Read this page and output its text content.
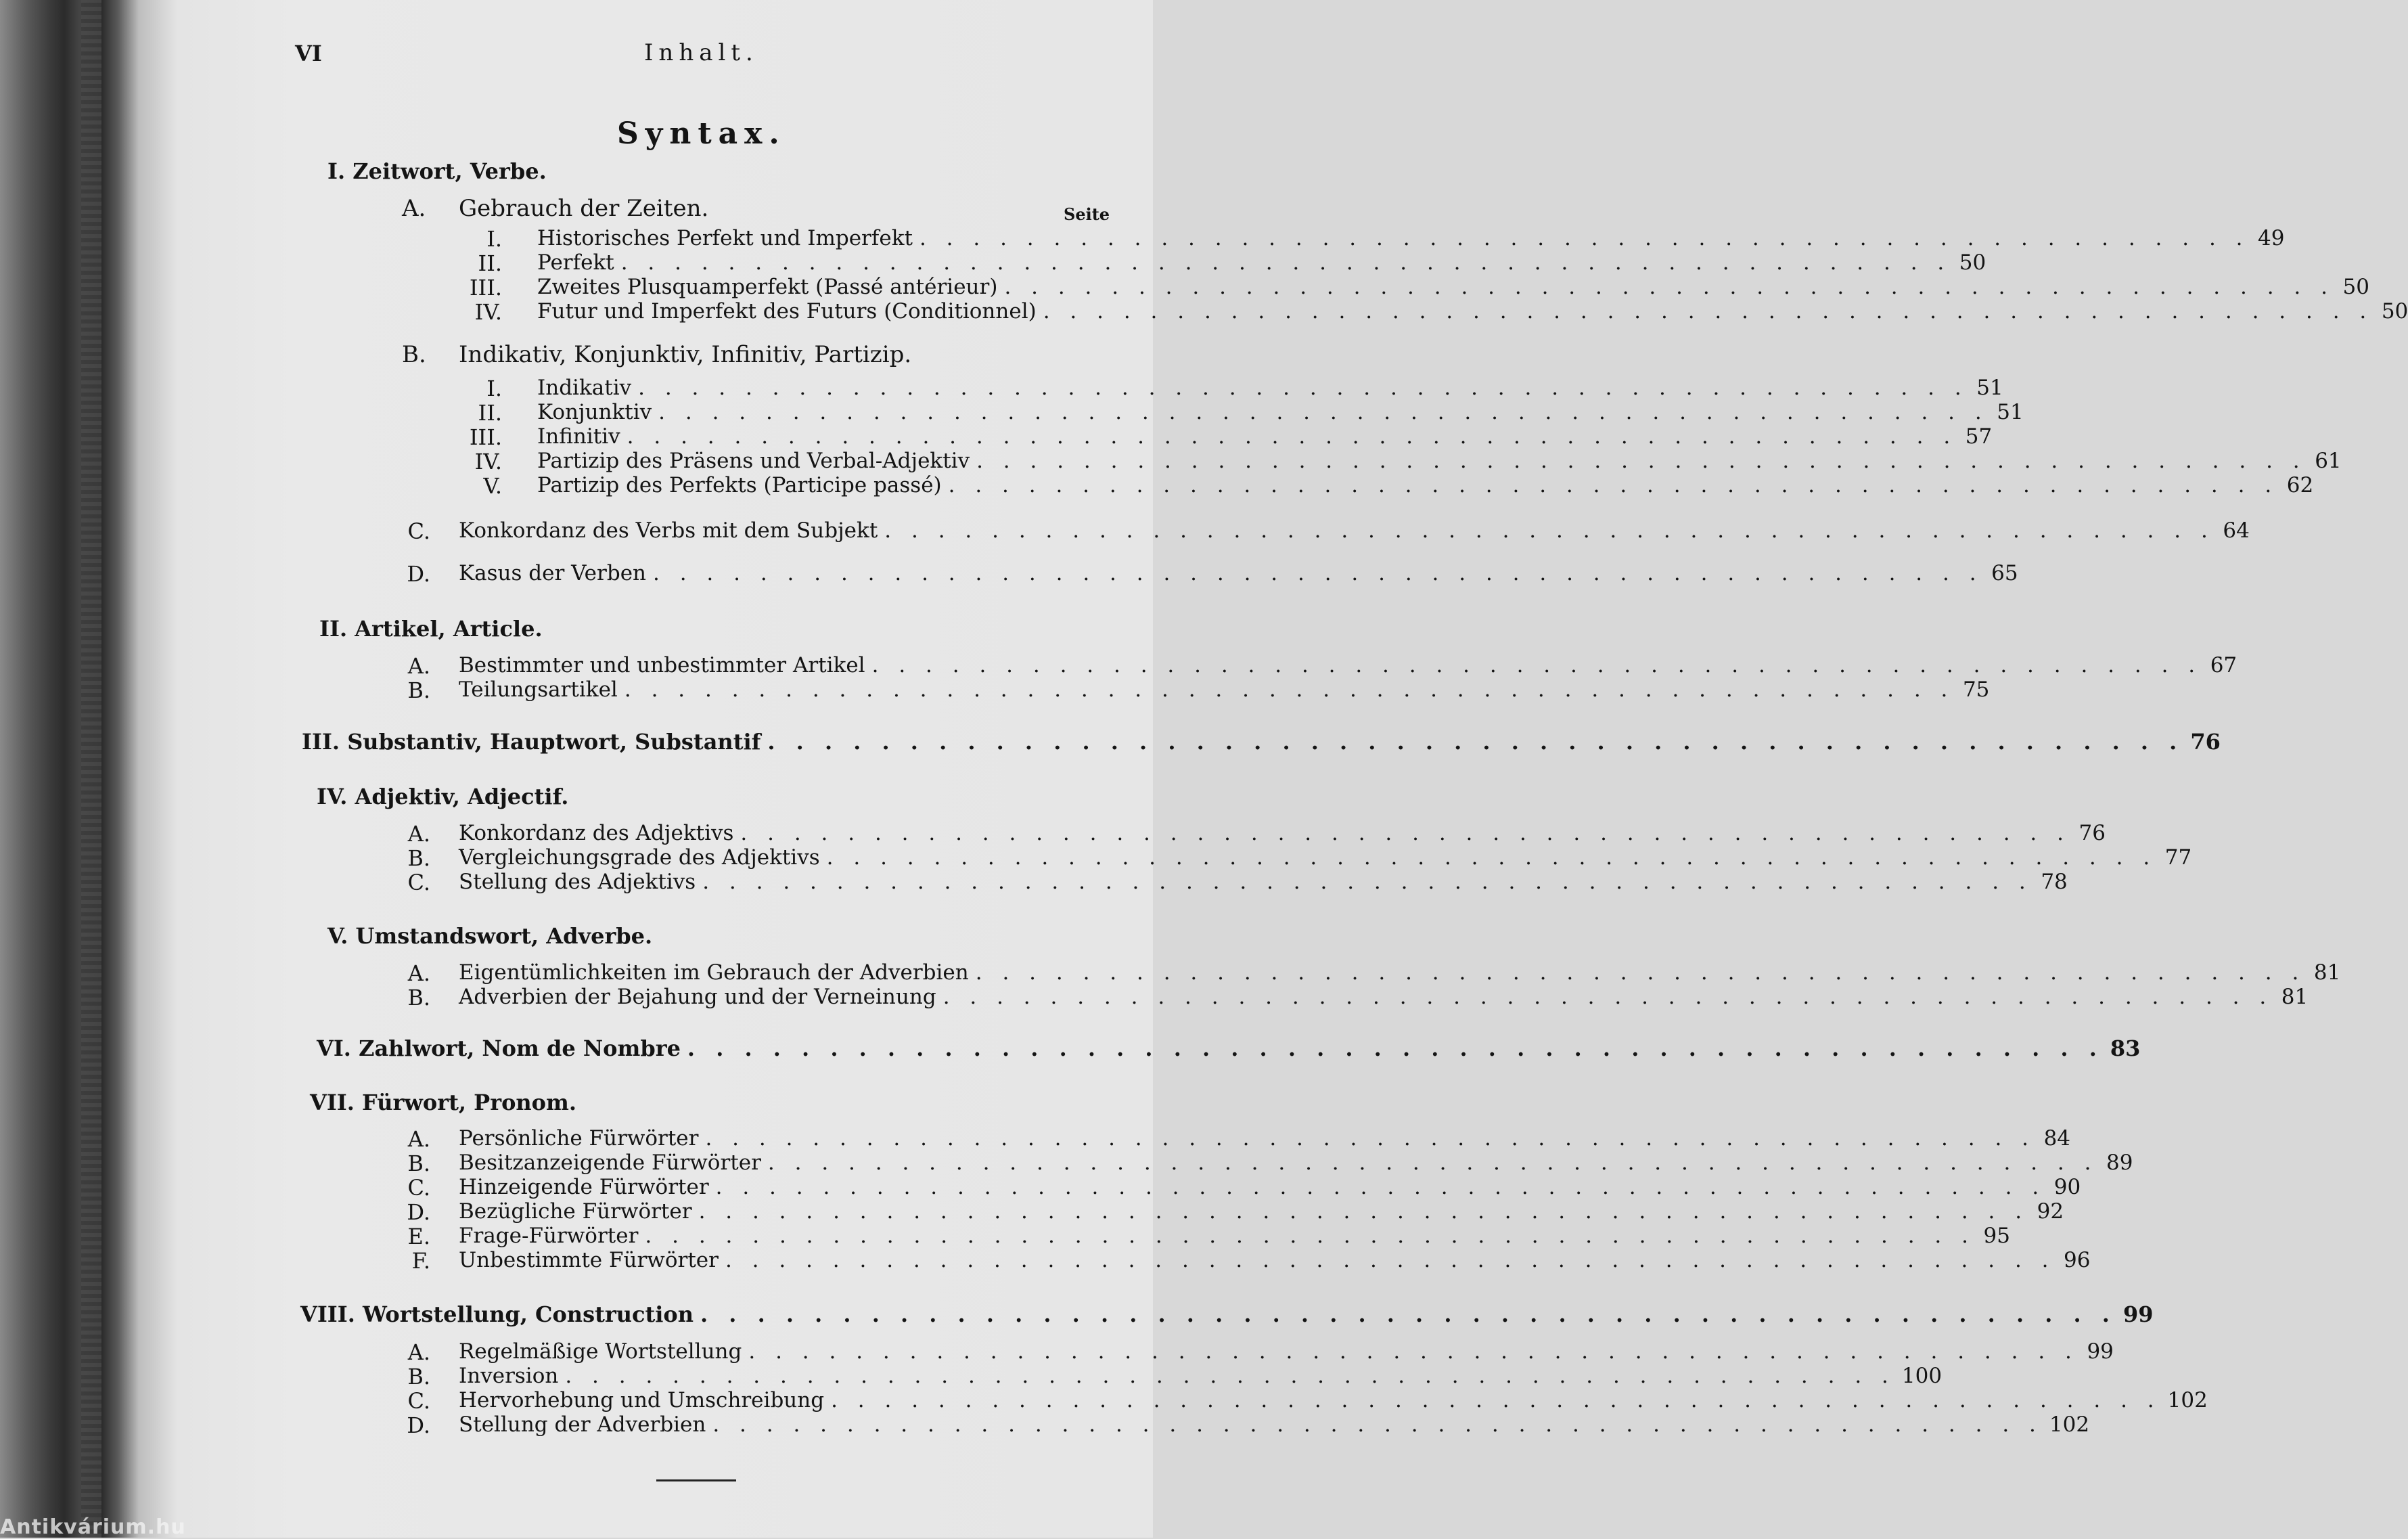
VI	Inhalt.
Syntax.
I. Zeitwort, Verbe.
A. Gebrauch der Zeiten.	Seite
I. Historisches Perfekt und Imperfekt . . . . . . . . . . . . . . . . . . . . . . . . . . . . . . . . . . . . . . . . . . . . . . . . . . 49
II. Perfekt . . . . . . . . . . . . . . . . . . . . . . . . . . . . . . . . . . . . . . . . . . . . . . . . . . 50
III. Zweites Plusquamperfekt (Passé antérieur) . . . . . . . . . . . . . . . . . . . . . . . . . . . . . . . . . . . . . . . . . . . . . . . . . . 50
IV. Futur und Imperfekt des Futurs (Conditionnel) . . . . . . . . . . . . . . . . . . . . . . . . . . . . . . . . . . . . . . . . . . . . . . . . . . 50
B. Indikativ, Konjunktiv, Infinitiv, Partizip.
I. Indikativ . . . . . . . . . . . . . . . . . . . . . . . . . . . . . . . . . . . . . . . . . . . . . . . . . . 51
II. Konjunktiv . . . . . . . . . . . . . . . . . . . . . . . . . . . . . . . . . . . . . . . . . . . . . . . . . . 51
III. Infinitiv . . . . . . . . . . . . . . . . . . . . . . . . . . . . . . . . . . . . . . . . . . . . . . . . . . 57
IV. Partizip des Präsens und Verbal-Adjektiv . . . . . . . . . . . . . . . . . . . . . . . . . . . . . . . . . . . . . . . . . . . . . . . . . . 61
V. Partizip des Perfekts (Participe passé) . . . . . . . . . . . . . . . . . . . . . . . . . . . . . . . . . . . . . . . . . . . . . . . . . . 62
C. Konkordanz des Verbs mit dem Subjekt . . . . . . . . . . . . . . . . . . . . . . . . . . . . . . . . . . . . . . . . . . . . . . . . . . 64
D. Kasus der Verben . . . . . . . . . . . . . . . . . . . . . . . . . . . . . . . . . . . . . . . . . . . . . . . . . . 65
II. Artikel, Article.
A. Bestimmter und unbestimmter Artikel . . . . . . . . . . . . . . . . . . . . . . . . . . . . . . . . . . . . . . . . . . . . . . . . . . 67
B. Teilungsartikel . . . . . . . . . . . . . . . . . . . . . . . . . . . . . . . . . . . . . . . . . . . . . . . . . . 75
III. Substantiv, Hauptwort, Substantif . . . . . . . . . . . . . . . . . . . . . . . . . . . . . . . . . . . . . . . . . . . . . . . . . . 76
IV. Adjektiv, Adjectif.
A. Konkordanz des Adjektivs . . . . . . . . . . . . . . . . . . . . . . . . . . . . . . . . . . . . . . . . . . . . . . . . . . 76
B. Vergleichungsgrade des Adjektivs . . . . . . . . . . . . . . . . . . . . . . . . . . . . . . . . . . . . . . . . . . . . . . . . . . 77
C. Stellung des Adjektivs . . . . . . . . . . . . . . . . . . . . . . . . . . . . . . . . . . . . . . . . . . . . . . . . . . 78
V. Umstandswort, Adverbe.
A. Eigentümlichkeiten im Gebrauch der Adverbien . . . . . . . . . . . . . . . . . . . . . . . . . . . . . . . . . . . . . . . . . . . . . . . . . . 81
B. Adverbien der Bejahung und der Verneinung . . . . . . . . . . . . . . . . . . . . . . . . . . . . . . . . . . . . . . . . . . . . . . . . . . 81
VI. Zahlwort, Nom de Nombre . . . . . . . . . . . . . . . . . . . . . . . . . . . . . . . . . . . . . . . . . . . . . . . . . . 83
VII. Fürwort, Pronom.
A. Persönliche Fürwörter . . . . . . . . . . . . . . . . . . . . . . . . . . . . . . . . . . . . . . . . . . . . . . . . . . 84
B. Besitzanzeigende Fürwörter . . . . . . . . . . . . . . . . . . . . . . . . . . . . . . . . . . . . . . . . . . . . . . . . . . 89
C. Hinzeigende Fürwörter . . . . . . . . . . . . . . . . . . . . . . . . . . . . . . . . . . . . . . . . . . . . . . . . . . 90
D. Bezügliche Fürwörter . . . . . . . . . . . . . . . . . . . . . . . . . . . . . . . . . . . . . . . . . . . . . . . . . . 92
E. Frage-Fürwörter . . . . . . . . . . . . . . . . . . . . . . . . . . . . . . . . . . . . . . . . . . . . . . . . . . 95
F. Unbestimmte Fürwörter . . . . . . . . . . . . . . . . . . . . . . . . . . . . . . . . . . . . . . . . . . . . . . . . . . 96
VIII. Wortstellung, Construction . . . . . . . . . . . . . . . . . . . . . . . . . . . . . . . . . . . . . . . . . . . . . . . . . . 99
A. Regelmäßige Wortstellung . . . . . . . . . . . . . . . . . . . . . . . . . . . . . . . . . . . . . . . . . . . . . . . . . . 99
B. Inversion . . . . . . . . . . . . . . . . . . . . . . . . . . . . . . . . . . . . . . . . . . . . . . . . . . 100
C. Hervorhebung und Umschreibung . . . . . . . . . . . . . . . . . . . . . . . . . . . . . . . . . . . . . . . . . . . . . . . . . . 102
D. Stellung der Adverbien . . . . . . . . . . . . . . . . . . . . . . . . . . . . . . . . . . . . . . . . . . . . . . . . . . 102
Antikvárium.hu
